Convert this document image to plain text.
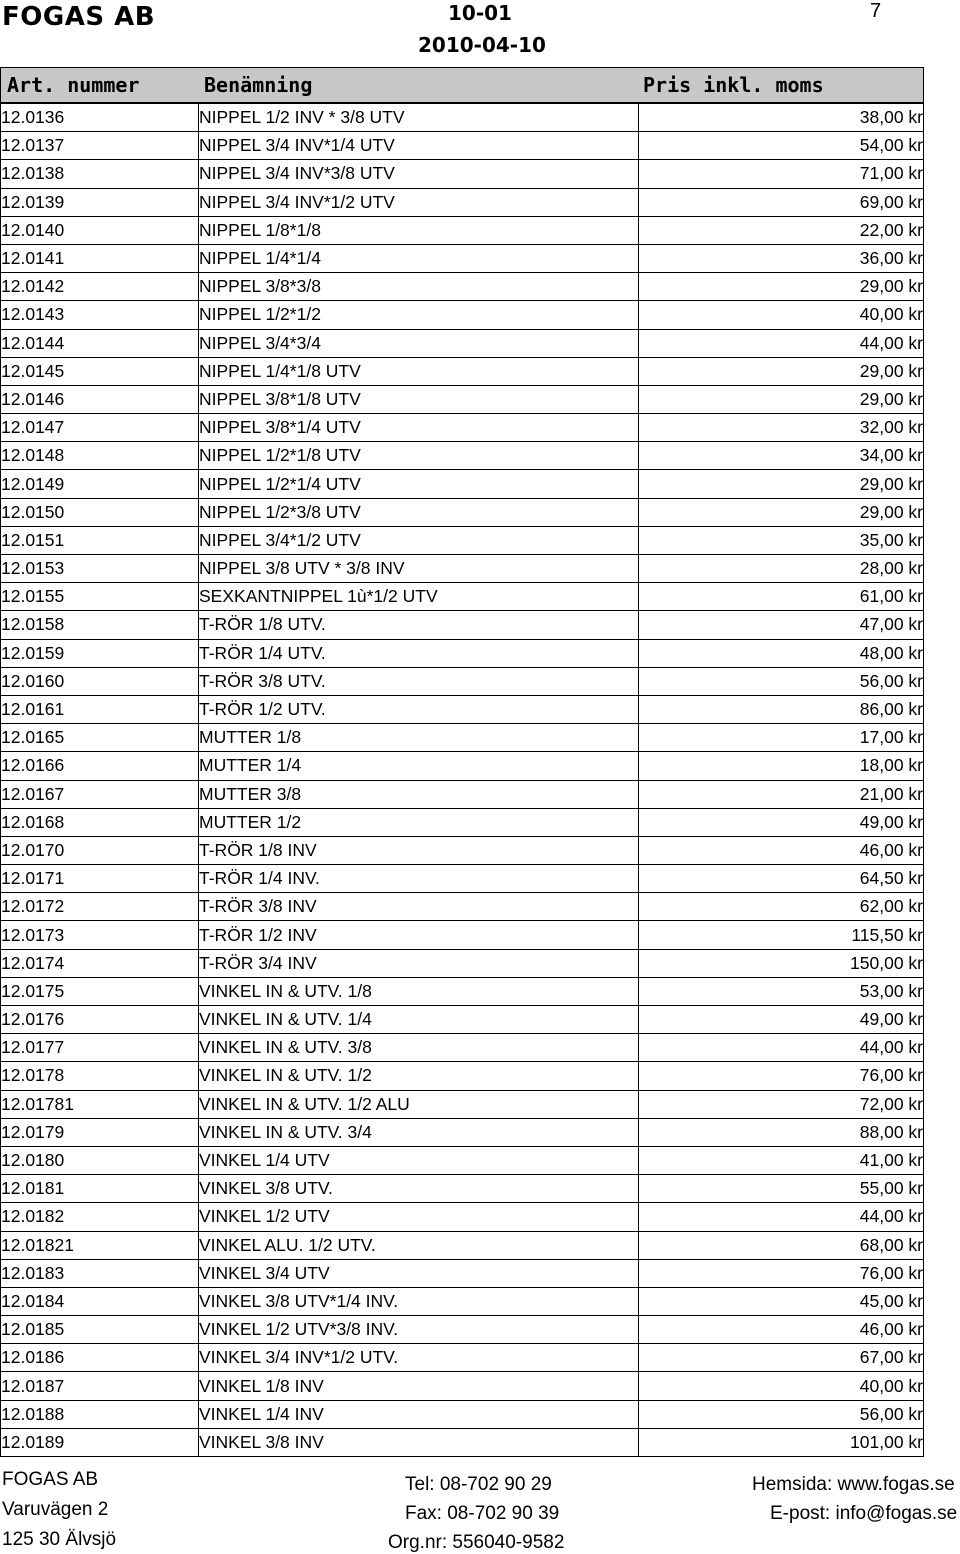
FOGAS AB	10-01
2010-04-10
7
Art. nummer	Benämning	Pris inkl. moms
12.0136	NIPPEL 1/2 INV * 3/8 UTV	38,00 kr
12.0137	NIPPEL 3/4 INV*1/4 UTV	54,00 kr
12.0138	NIPPEL 3/4 INV*3/8 UTV	71,00 kr
12.0139	NIPPEL 3/4 INV*1/2 UTV	69,00 kr
12.0140	NIPPEL 1/8*1/8	22,00 kr
12.0141	NIPPEL 1/4*1/4	36,00 kr
12.0142	NIPPEL 3/8*3/8	29,00 kr
12.0143	NIPPEL 1/2*1/2	40,00 kr
12.0144	NIPPEL 3/4*3/4	44,00 kr
12.0145	NIPPEL 1/4*1/8 UTV	29,00 kr
12.0146	NIPPEL 3/8*1/8 UTV	29,00 kr
12.0147	NIPPEL 3/8*1/4 UTV	32,00 kr
12.0148	NIPPEL 1/2*1/8 UTV	34,00 kr
12.0149	NIPPEL 1/2*1/4 UTV	29,00 kr
12.0150	NIPPEL 1/2*3/8 UTV	29,00 kr
12.0151	NIPPEL 3/4*1/2 UTV	35,00 kr
12.0153	NIPPEL 3/8 UTV * 3/8 INV	28,00 kr
12.0155	SEXKANTNIPPEL 1ù*1/2 UTV	61,00 kr
12.0158	T-RÖR 1/8 UTV.	47,00 kr
12.0159	T-RÖR 1/4 UTV.	48,00 kr
12.0160	T-RÖR 3/8 UTV.	56,00 kr
12.0161	T-RÖR 1/2 UTV.	86,00 kr
12.0165	MUTTER 1/8	17,00 kr
12.0166	MUTTER 1/4	18,00 kr
12.0167	MUTTER 3/8	21,00 kr
12.0168	MUTTER 1/2	49,00 kr
12.0170	T-RÖR 1/8 INV	46,00 kr
12.0171	T-RÖR 1/4 INV.	64,50 kr
12.0172	T-RÖR 3/8 INV	62,00 kr
12.0173	T-RÖR 1/2 INV	115,50 kr
12.0174	T-RÖR 3/4 INV	150,00 kr
12.0175	VINKEL IN & UTV. 1/8	53,00 kr
12.0176	VINKEL IN & UTV. 1/4	49,00 kr
12.0177	VINKEL IN & UTV. 3/8	44,00 kr
12.0178	VINKEL IN & UTV. 1/2	76,00 kr
12.01781	VINKEL IN & UTV. 1/2 ALU	72,00 kr
12.0179	VINKEL IN & UTV. 3/4	88,00 kr
12.0180	VINKEL 1/4 UTV	41,00 kr
12.0181	VINKEL 3/8 UTV.	55,00 kr
12.0182	VINKEL 1/2 UTV	44,00 kr
12.01821	VINKEL ALU. 1/2 UTV.	68,00 kr
12.0183	VINKEL 3/4 UTV	76,00 kr
12.0184	VINKEL 3/8 UTV*1/4 INV.	45,00 kr
12.0185	VINKEL 1/2 UTV*3/8 INV.	46,00 kr
12.0186	VINKEL 3/4 INV*1/2 UTV.	67,00 kr
12.0187	VINKEL 1/8 INV	40,00 kr
12.0188	VINKEL 1/4 INV	56,00 kr
12.0189	VINKEL 3/8 INV	101,00 kr
FOGAS AB
Varuvägen 2
125 30 Älvsjö
Tel: 08-702 90 29
Fax: 08-702 90 39
Org.nr: 556040-9582
Hemsida: www.fogas.se
E-post: info@fogas.se
